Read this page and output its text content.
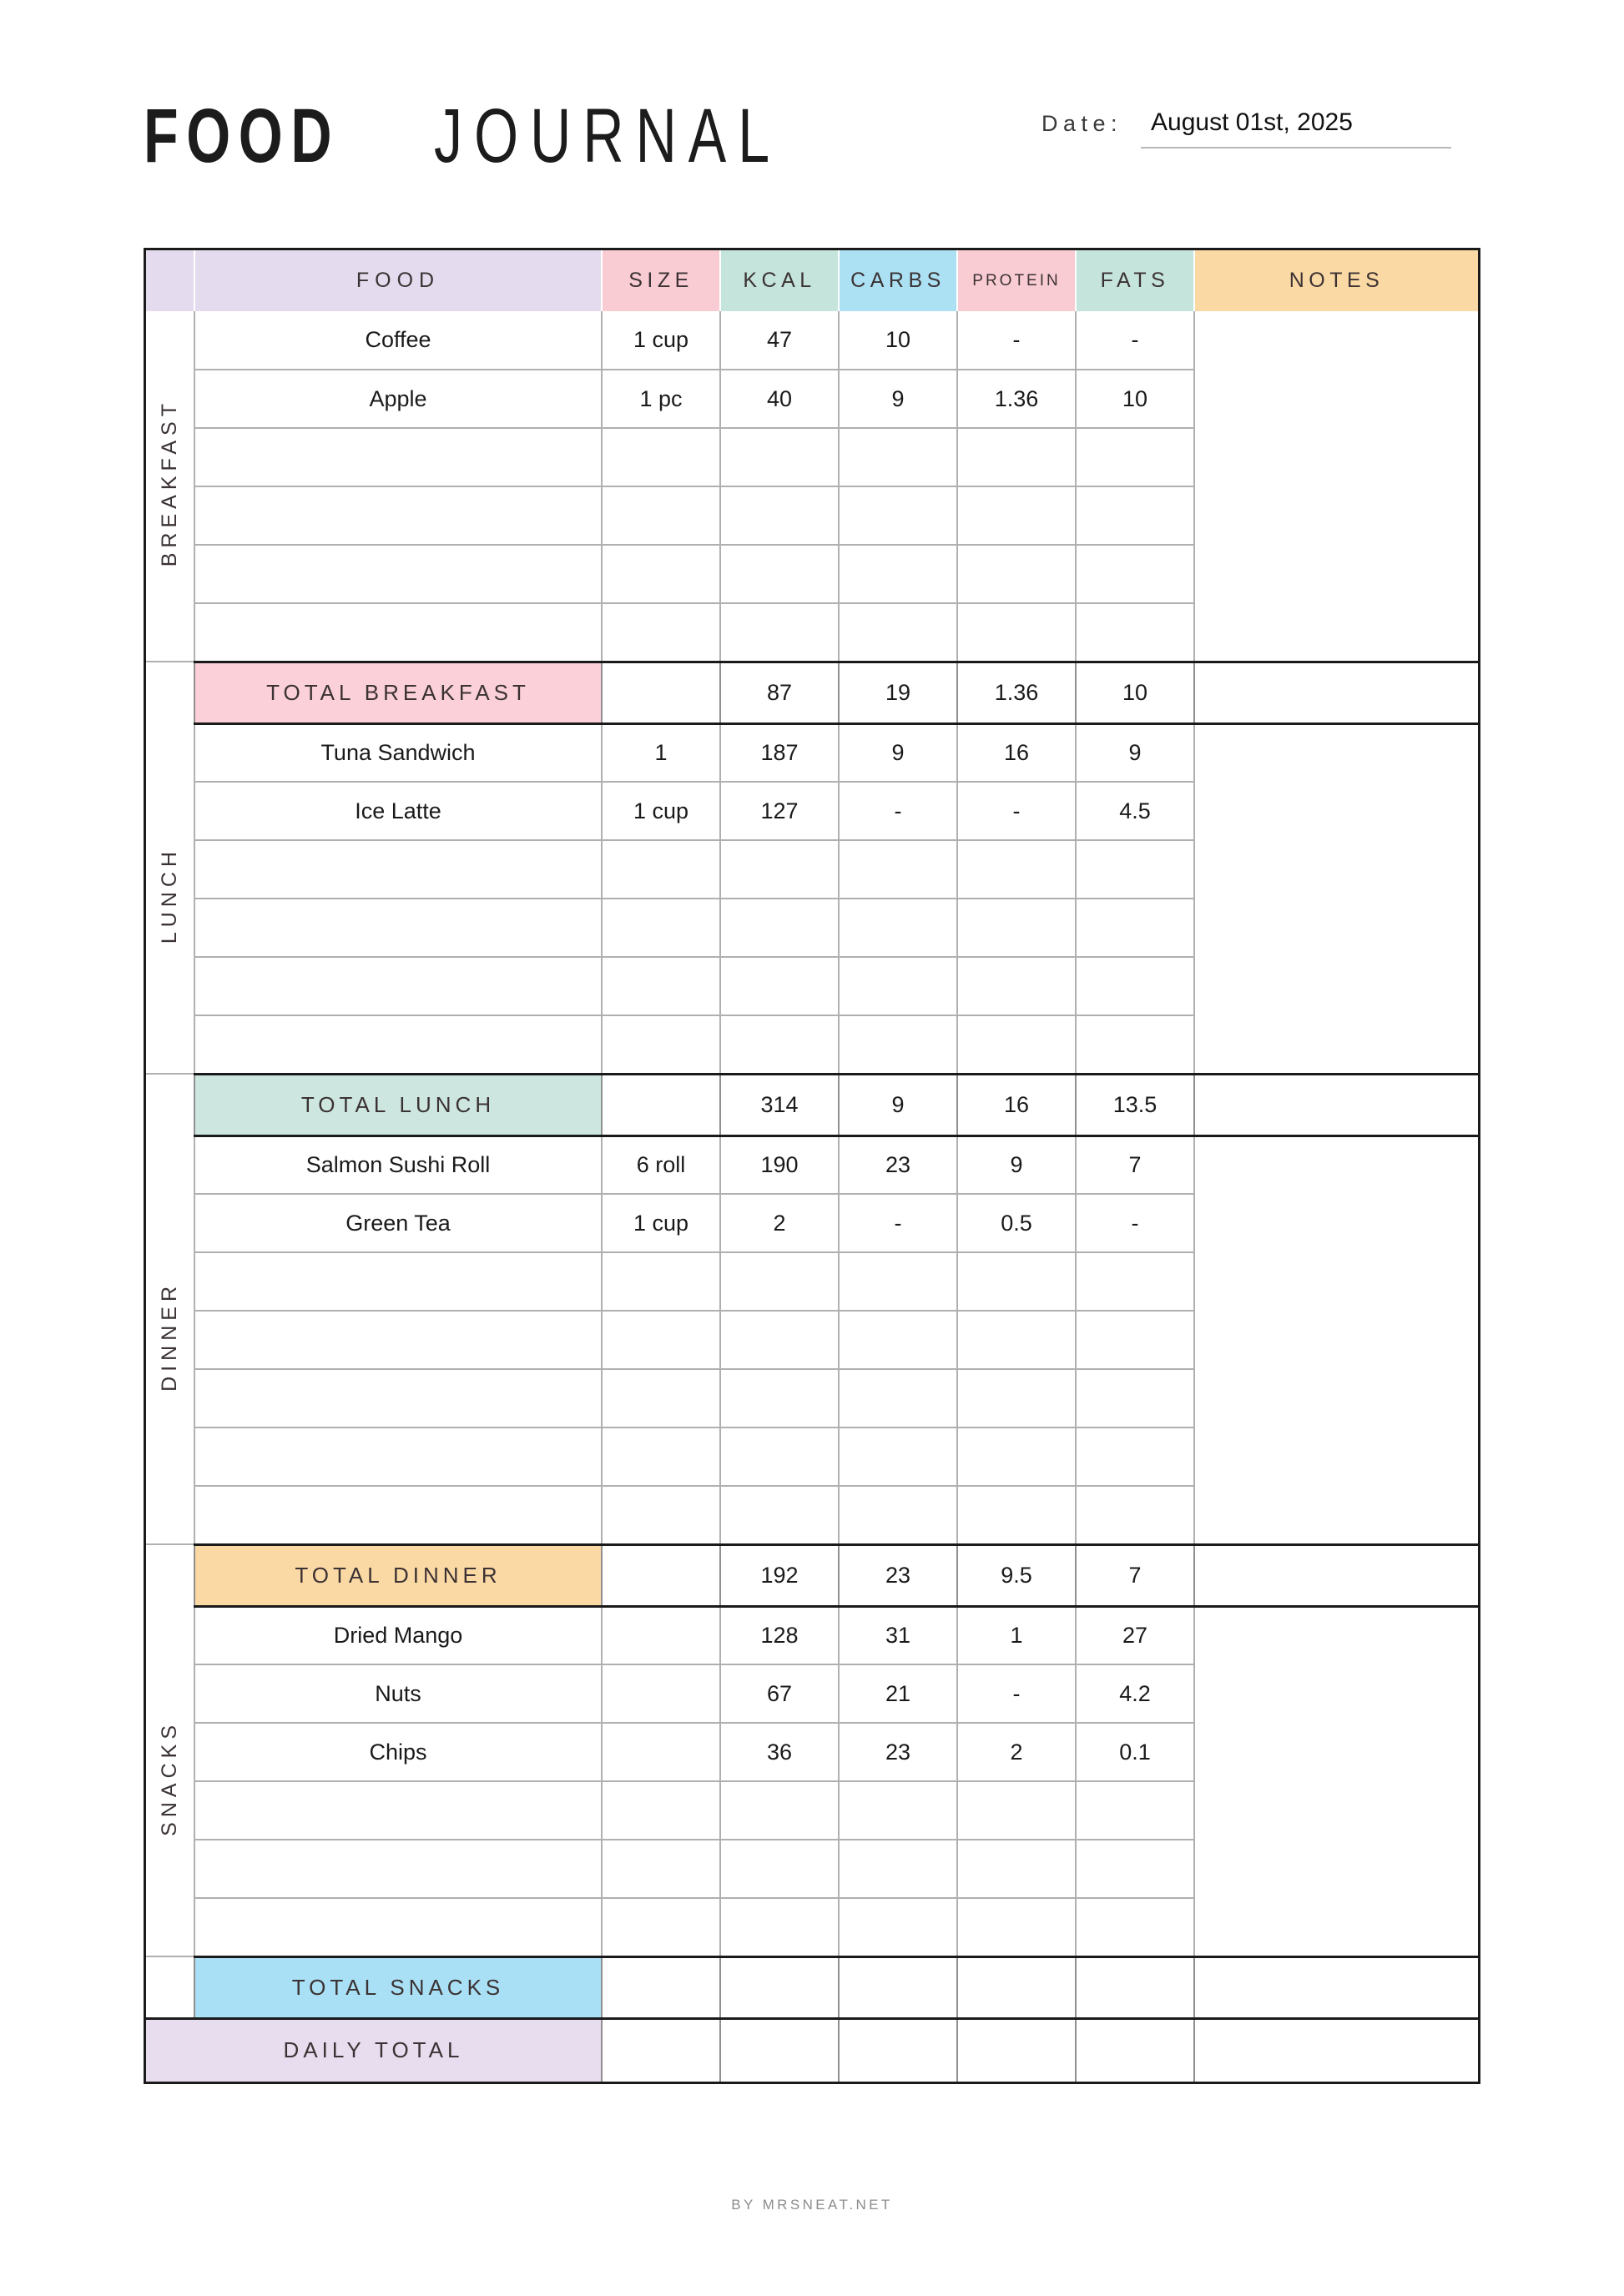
FOOD JOURNAL	Date:	August 01st, 2025
	FOOD	SIZE	KCAL	CARBS	PROTEIN	FATS	NOTES
BREAKFAST	Coffee	1 cup	47	10	-	-	
	Apple	1 pc	40	9	1.36	10	

	TOTAL BREAKFAST		87	19	1.36	10	
LUNCH	Tuna Sandwich	1	187	9	16	9	
	Ice Latte	1 cup	127	-	-	4.5	

	TOTAL LUNCH		314	9	16	13.5	
DINNER	Salmon Sushi Roll	6 roll	190	23	9	7	
	Green Tea	1 cup	2	-	0.5	-	

	TOTAL DINNER		192	23	9.5	7	
SNACKS	Dried Mango		128	31	1	27	
	Nuts		67	21	-	4.2	
	Chips		36	23	2	0.1	

	TOTAL SNACKS						
DAILY TOTAL							
BY MRSNEAT.NET
